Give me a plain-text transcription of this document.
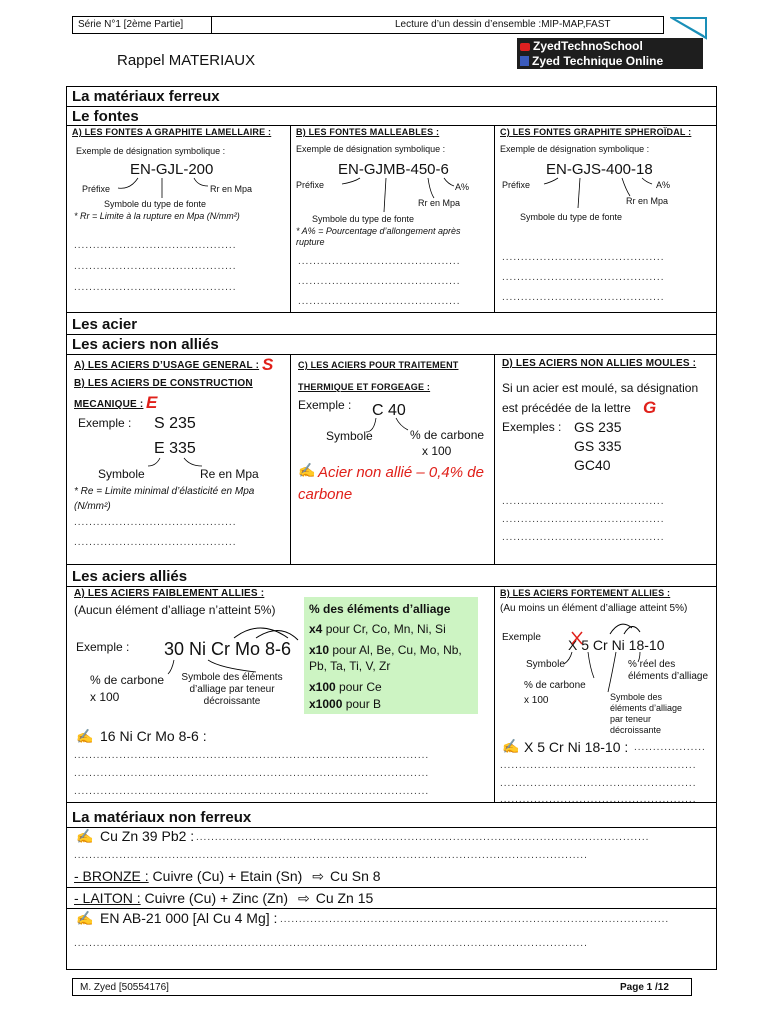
Série N°1 [2ème Partie]	Lecture d’un dessin d’ensemble :MIP-MAP,FAST
ZyedTechnoSchool
Zyed Technique Online
Rappel MATERIAUX
La matériaux ferreux
Le fontes
A) LES FONTES A GRAPHITE LAMELLAIRE :
Exemple de désignation symbolique :
EN-GJL-200
Préfixe	Rr en Mpa
Symbole du type de fonte
* Rr = Limite à la rupture en Mpa (N/mm²)
...........................................
...........................................
...........................................
B) LES FONTES MALLEABLES :
Exemple de désignation symbolique :
EN-GJMB-450-6
Préfixe	A%
Rr en Mpa
Symbole du type de fonte
* A% = Pourcentage d’allongement après rupture
...........................................
...........................................
...........................................
C) LES FONTES GRAPHITE SPHEROÏDAL :
Exemple de désignation symbolique :
EN-GJS-400-18
Préfixe	A%
Rr en Mpa
Symbole du type de fonte
...........................................
...........................................
...........................................
Les acier
Les aciers non alliés
A) LES ACIERS D’USAGE GENERAL : S
B) LES ACIERS DE CONSTRUCTION
MECANIQUE : E
Exemple : S 235
E 335
Symbole	Re en Mpa
* Re = Limite minimal d’élasticité en Mpa (N/mm²)
...........................................
...........................................
C) LES ACIERS POUR TRAITEMENT
THERMIQUE ET FORGEAGE :
Exemple : C 40
Symbole	% de carbone
x 100
✍ Acier non allié – 0,4% de carbone
D) LES ACIERS NON ALLIES MOULES :
Si un acier est moulé, sa désignation
est précédée de la lettre G
Exemples : GS 235
GS 335
GC40
...........................................
...........................................
...........................................
Les aciers alliés
A) LES ACIERS FAIBLEMENT ALLIES :
(Aucun élément d’alliage n’atteint 5%)
Exemple : 30 Ni Cr Mo 8-6
% de carbone
x 100
Symbole des éléments d’alliage par teneur décroissante
% des éléments d’alliage
x4 pour Cr, Co, Mn, Ni, Si
x10 pour Al, Be, Cu, Mo, Nb, Pb, Ta, Ti, V, Zr
x100 pour Ce
x1000 pour B
✍ 16 Ni Cr Mo 8-6 :
..............................................................................................
..............................................................................................
..............................................................................................
B) LES ACIERS FORTEMENT ALLIES :
(Au moins un élément d’alliage atteint 5%)
Exemple X 5 Cr Ni 18-10
Symbole	% réel des éléments d’alliage
% de carbone
x 100	Symbole des éléments d’alliage par teneur décroissante
✍ X 5 Cr Ni 18-10 : ...................
....................................................
....................................................
....................................................
La matériaux non ferreux
✍ Cu Zn 39 Pb2 : ........................................................................................................................
........................................................................................................................................
- BRONZE : Cuivre (Cu) + Etain (Sn) ⇨ Cu Sn 8
- LAITON : Cuivre (Cu) + Zinc (Zn) ⇨ Cu Zn 15
✍ EN AB-21 000 [Al Cu 4 Mg] : .......................................................................................................
........................................................................................................................................
M. Zyed [50554176]	Page 1 /12
